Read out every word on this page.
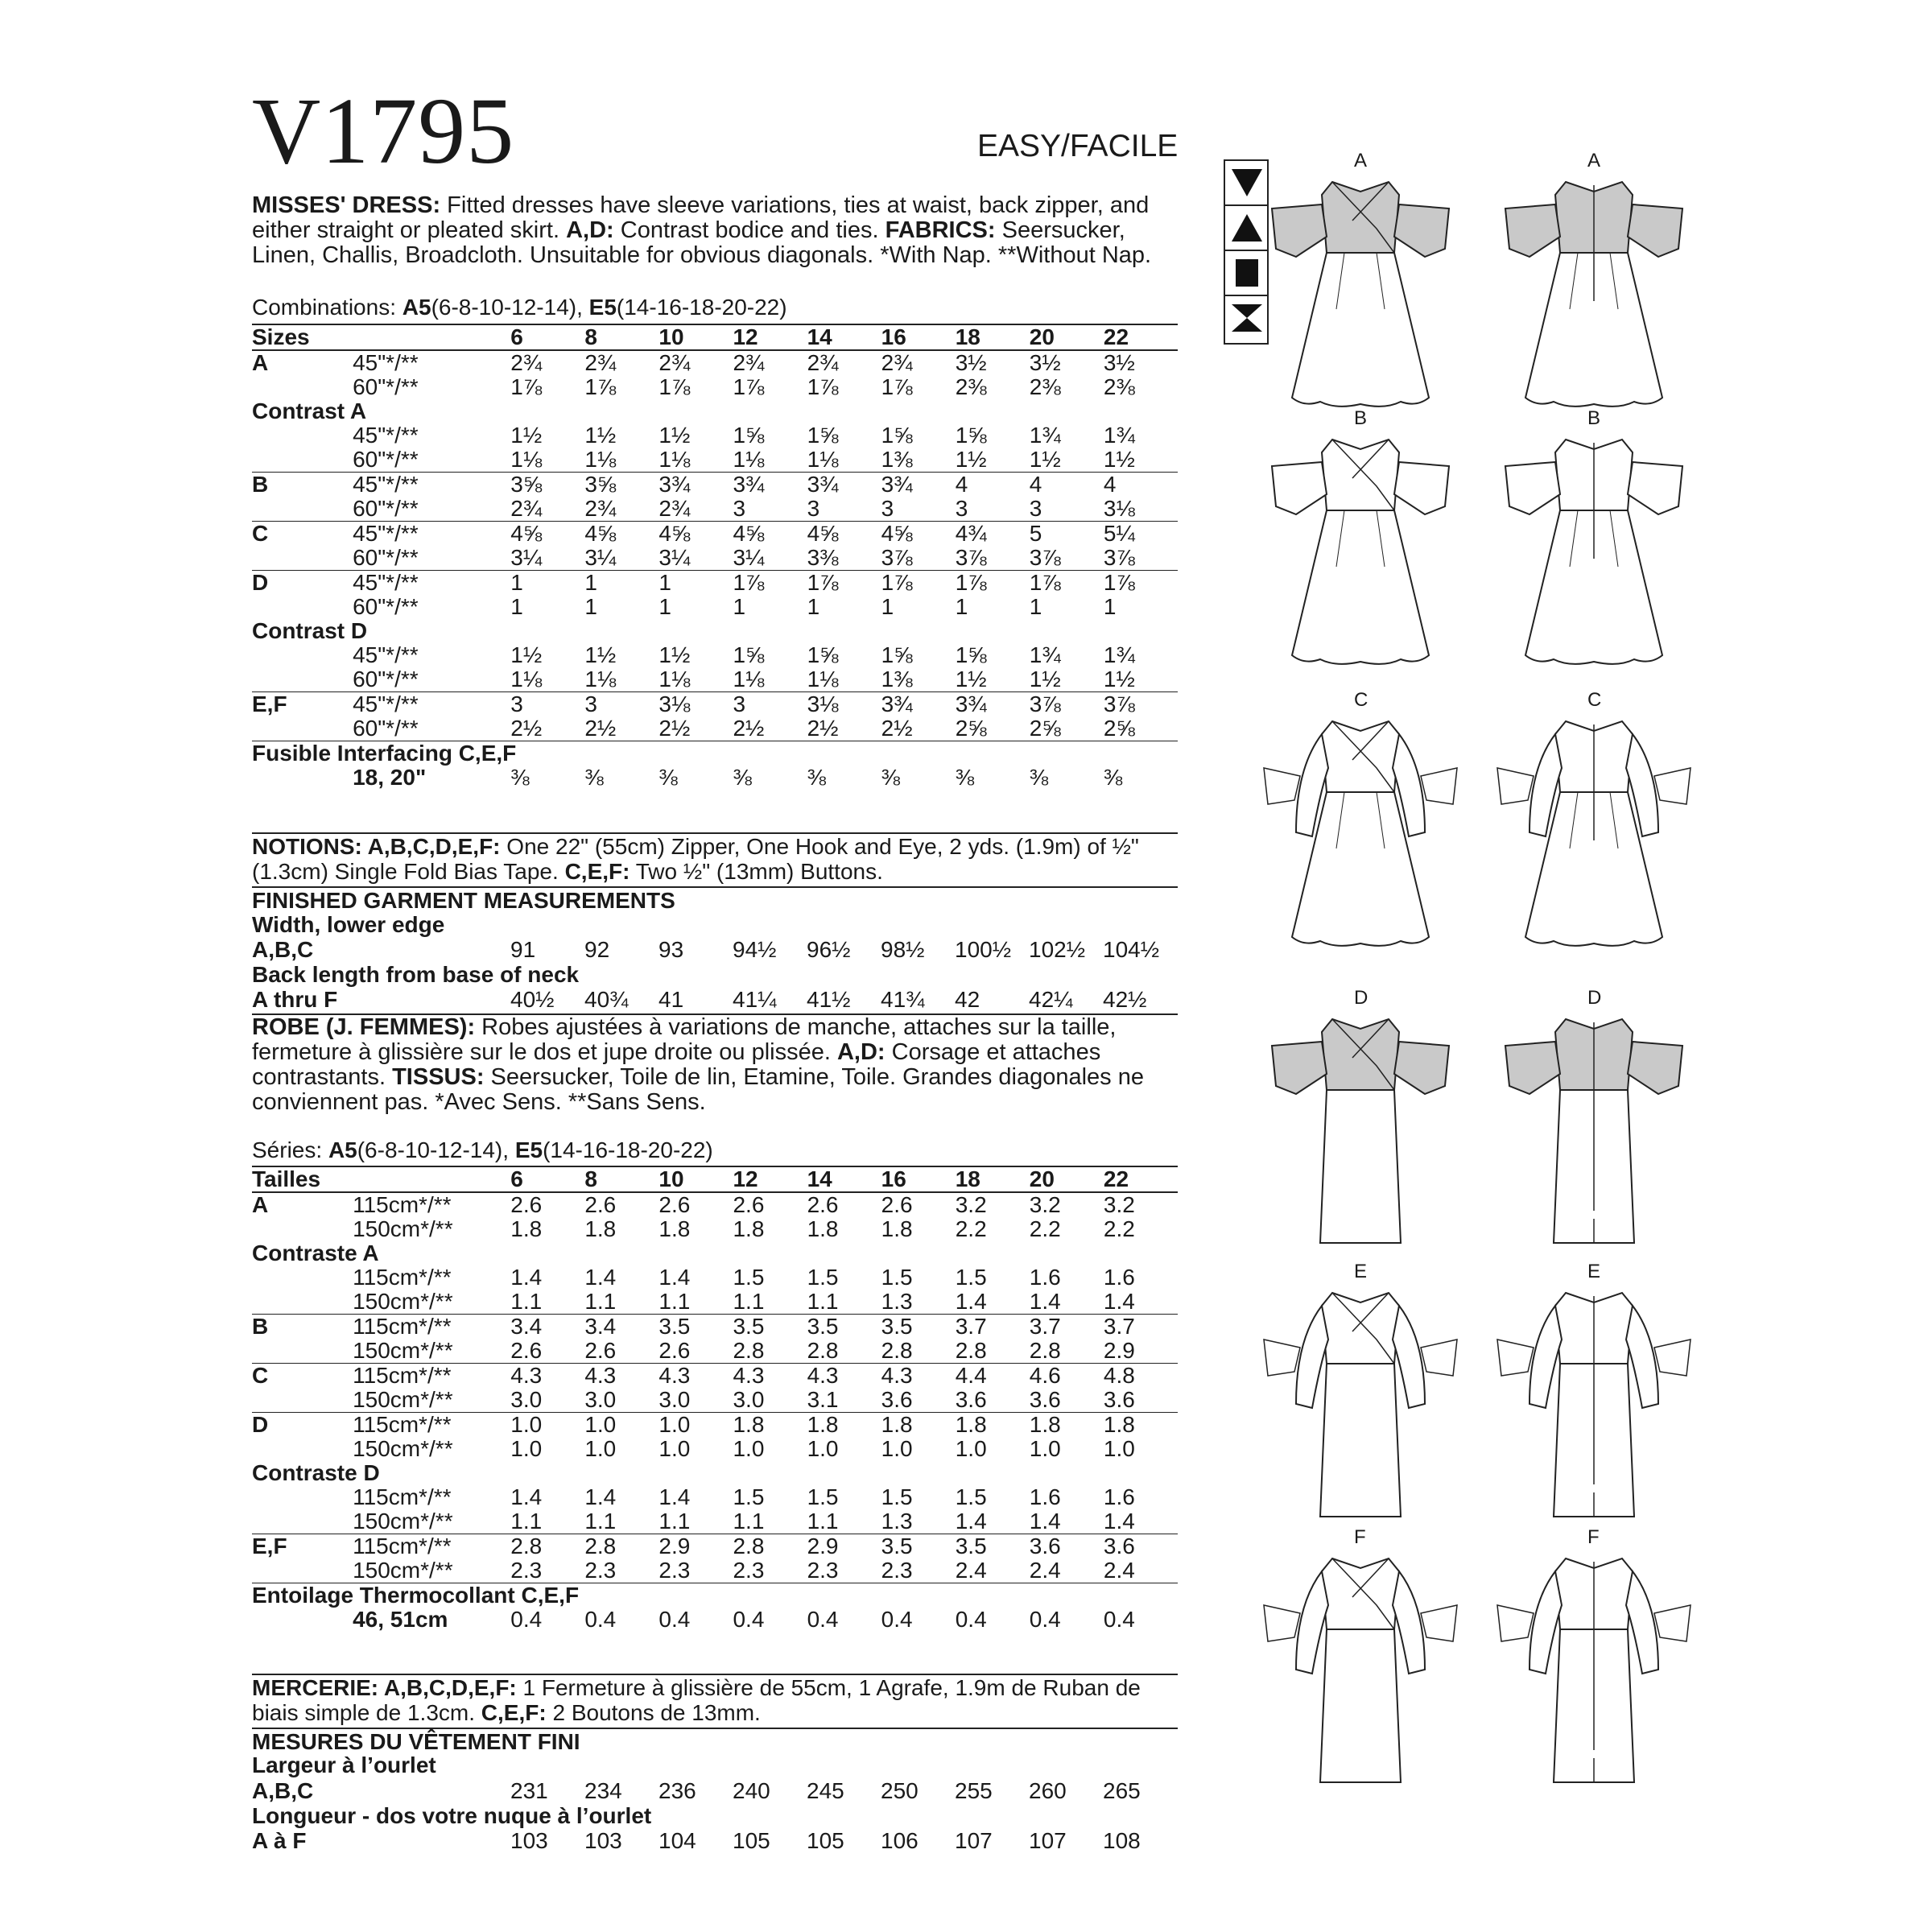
V1795	EASY/FACILE
MISSES' DRESS: Fitted dresses have sleeve variations, ties at waist, back zipper, and either straight or pleated skirt. A,D: Contrast bodice and ties. FABRICS: Seersucker, Linen, Challis, Broadcloth. Unsuitable for obvious diagonals. *With Nap. **Without Nap.
Combinations: A5(6-8-10-12-14), E5(14-16-18-20-22)
Sizes		6	8	10	12	14	16	18	20	22
A	45"*/**	2¾	2¾	2¾	2¾	2¾	2¾	3½	3½	3½
	60"*/**	1⅞	1⅞	1⅞	1⅞	1⅞	1⅞	2⅜	2⅜	2⅜
Contrast A										
	45"*/**	1½	1½	1½	1⅝	1⅝	1⅝	1⅝	1¾	1¾
	60"*/**	1⅛	1⅛	1⅛	1⅛	1⅛	1⅜	1½	1½	1½
B	45"*/**	3⅝	3⅝	3¾	3¾	3¾	3¾	4	4	4
	60"*/**	2¾	2¾	2¾	3	3	3	3	3	3⅛
C	45"*/**	4⅝	4⅝	4⅝	4⅝	4⅝	4⅝	4¾	5	5¼
	60"*/**	3¼	3¼	3¼	3¼	3⅜	3⅞	3⅞	3⅞	3⅞
D	45"*/**	1	1	1	1⅞	1⅞	1⅞	1⅞	1⅞	1⅞
	60"*/**	1	1	1	1	1	1	1	1	1
Contrast D										
	45"*/**	1½	1½	1½	1⅝	1⅝	1⅝	1⅝	1¾	1¾
	60"*/**	1⅛	1⅛	1⅛	1⅛	1⅛	1⅜	1½	1½	1½
E,F	45"*/**	3	3	3⅛	3	3⅛	3¾	3¾	3⅞	3⅞
	60"*/**	2½	2½	2½	2½	2½	2½	2⅝	2⅝	2⅝
Fusible Interfacing C,E,F										
	18, 20"	⅜	⅜	⅜	⅜	⅜	⅜	⅜	⅜	⅜
NOTIONS: A,B,C,D,E,F: One 22" (55cm) Zipper, One Hook and Eye, 2 yds. (1.9m) of ½" (1.3cm) Single Fold Bias Tape. C,E,F: Two ½" (13mm) Buttons.
FINISHED GARMENT MEASUREMENTS
Width, lower edge
A,B,C	91 92 93 94½ 96½ 98½ 100½ 102½ 104½
Back length from base of neck
A thru F	40½ 40¾ 41 41¼ 41½ 41¾ 42 42¼ 42½
ROBE (J. FEMMES): Robes ajustées à variations de manche, attaches sur la taille, fermeture à glissière sur le dos et jupe droite ou plissée. A,D: Corsage et attaches contrastants. TISSUS: Seersucker, Toile de lin, Etamine, Toile. Grandes diagonales ne conviennent pas. *Avec Sens. **Sans Sens.
Séries: A5(6-8-10-12-14), E5(14-16-18-20-22)
Tailles		6	8	10	12	14	16	18	20	22
A	115cm*/**	2.6	2.6	2.6	2.6	2.6	2.6	3.2	3.2	3.2
	150cm*/**	1.8	1.8	1.8	1.8	1.8	1.8	2.2	2.2	2.2
Contraste A										
	115cm*/**	1.4	1.4	1.4	1.5	1.5	1.5	1.5	1.6	1.6
	150cm*/**	1.1	1.1	1.1	1.1	1.1	1.3	1.4	1.4	1.4
B	115cm*/**	3.4	3.4	3.5	3.5	3.5	3.5	3.7	3.7	3.7
	150cm*/**	2.6	2.6	2.6	2.8	2.8	2.8	2.8	2.8	2.9
C	115cm*/**	4.3	4.3	4.3	4.3	4.3	4.3	4.4	4.6	4.8
	150cm*/**	3.0	3.0	3.0	3.0	3.1	3.6	3.6	3.6	3.6
D	115cm*/**	1.0	1.0	1.0	1.8	1.8	1.8	1.8	1.8	1.8
	150cm*/**	1.0	1.0	1.0	1.0	1.0	1.0	1.0	1.0	1.0
Contraste D										
	115cm*/**	1.4	1.4	1.4	1.5	1.5	1.5	1.5	1.6	1.6
	150cm*/**	1.1	1.1	1.1	1.1	1.1	1.3	1.4	1.4	1.4
E,F	115cm*/**	2.8	2.8	2.9	2.8	2.9	3.5	3.5	3.6	3.6
	150cm*/**	2.3	2.3	2.3	2.3	2.3	2.3	2.4	2.4	2.4
Entoilage Thermocollant C,E,F										
	46, 51cm	0.4	0.4	0.4	0.4	0.4	0.4	0.4	0.4	0.4
MERCERIE: A,B,C,D,E,F: 1 Fermeture à glissière de 55cm, 1 Agrafe, 1.9m de Ruban de biais simple de 1.3cm. C,E,F: 2 Boutons de 13mm.
MESURES DU VÊTEMENT FINI
Largeur à l’ourlet
A,B,C	231 234 236 240 245 250 255 260 265
Longueur - dos votre nuque à l’ourlet
A à F	103 103 104 105 105 106 107 107 108
A	A
B	B
C	C
D	D
E	E
F	F
